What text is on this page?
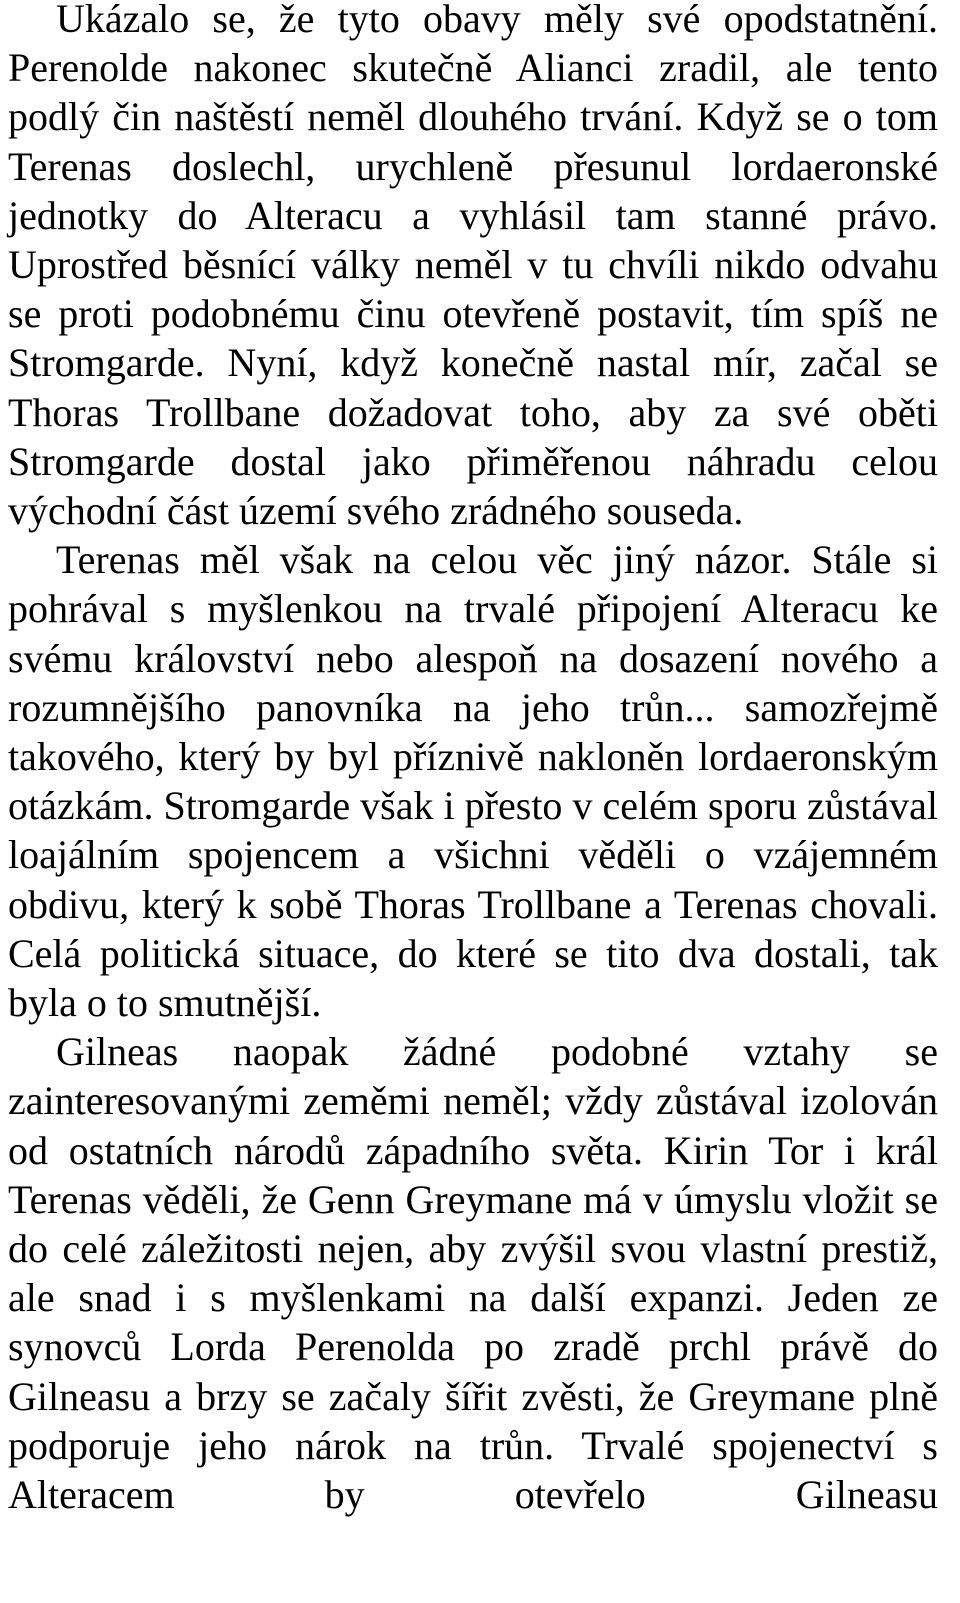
Ukázalo se, že tyto obavy měly své opodstatnění. Perenolde nakonec skutečně Alianci zradil, ale tento podlý čin naštěstí neměl dlouhého trvání. Když se o tom Terenas doslechl, urychleně přesunul lordaeronské jednotky do Alteracu a vyhlásil tam stanné právo. Uprostřed běsnící války neměl v tu chvíli nikdo odvahu se proti podobnému činu otevřeně postavit, tím spíš ne Stromgarde. Nyní, když konečně nastal mír, začal se Thoras Trollbane dožadovat toho, aby za své oběti Stromgarde dostal jako přiměřenou náhradu celou východní část území svého zrádného souseda.

Terenas měl však na celou věc jiný názor. Stále si pohrával s myšlenkou na trvalé připojení Alteracu ke svému království nebo alespoň na dosazení nového a rozumnějšího panovníka na jeho trůn... samozřejmě takového, který by byl příznivě nakloněn lordaeronským otázkám. Stromgarde však i přesto v celém sporu zůstával loajálním spojencem a všichni věděli o vzájemném obdivu, který k sobě Thoras Trollbane a Terenas chovali. Celá politická situace, do které se tito dva dostali, tak byla o to smutnější.

Gilneas naopak žádné podobné vztahy se zainteresovanými zeměmi neměl; vždy zůstával izolován od ostatních národů západního světa. Kirin Tor i král Terenas věděli, že Genn Greymane má v úmyslu vložit se do celé záležitosti nejen, aby zvýšil svou vlastní prestiž, ale snad i s myšlenkami na další expanzi. Jeden ze synovců Lorda Perenolda po zradě prchl právě do Gilneasu a brzy se začaly šířit zvěsti, že Greymane plně podporuje jeho nárok na trůn. Trvalé spojenectví s Alteracem by otevřelo Gilneasu
